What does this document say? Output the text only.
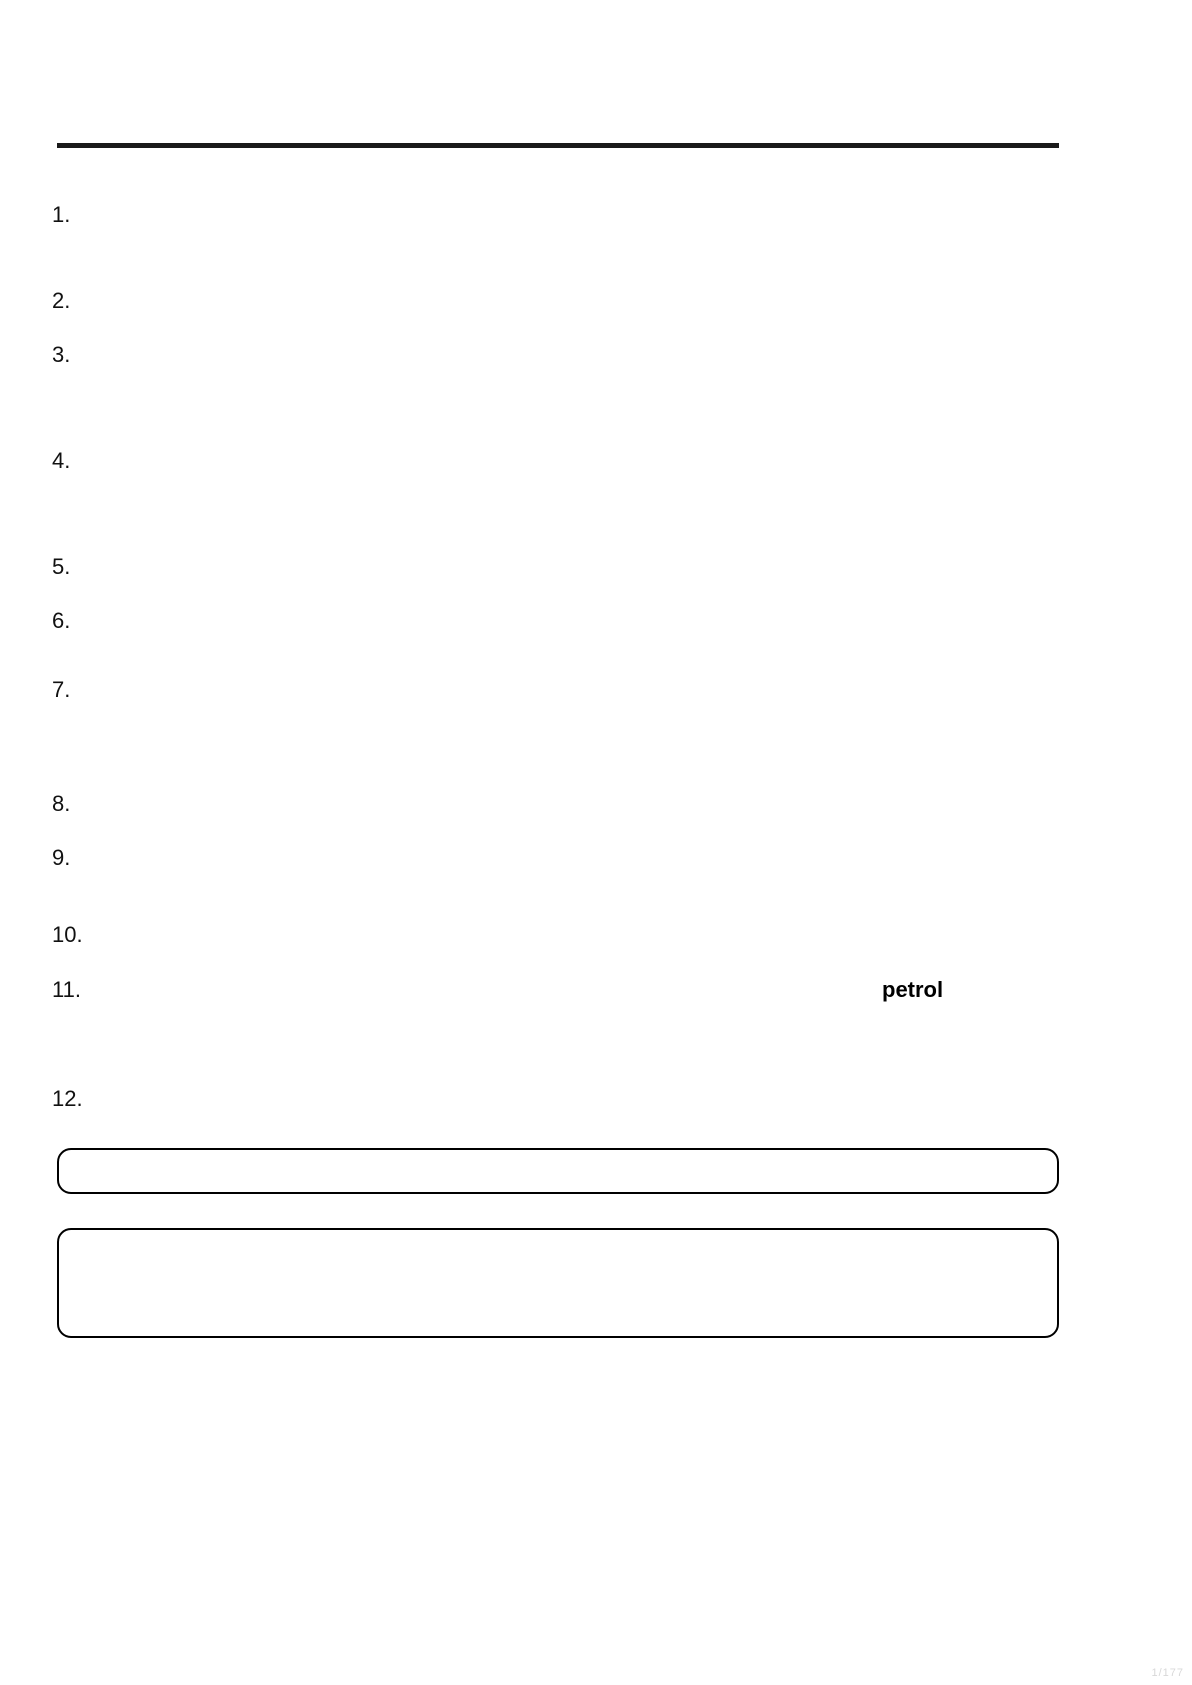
1.
2.
3.
4.
5.
6.
7.
8.
9.
10.
11.	petrol
12.
1/177
